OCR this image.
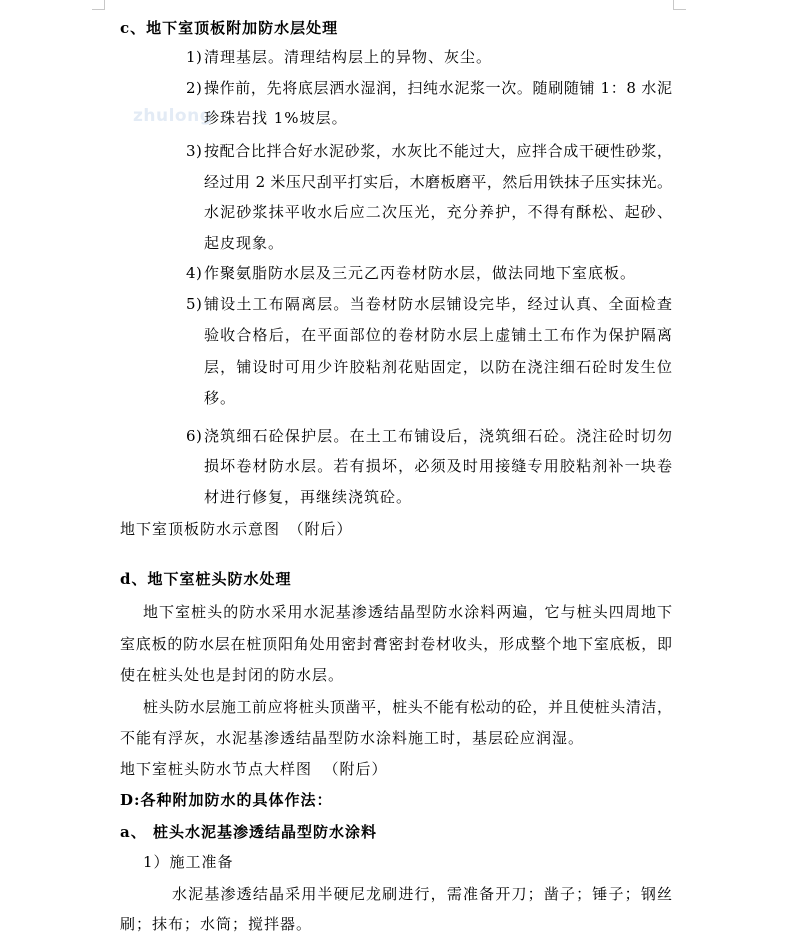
zhulong
c、地下室顶板附加防水层处理
1) 清理基层。清理结构层上的异物、灰尘。
2) 操作前，先将底层洒水湿润，扫纯水泥浆一次。随刷随铺 1：8 水泥
珍珠岩找 1%坡层。
3) 按配合比拌合好水泥砂浆，水灰比不能过大，应拌合成干硬性砂浆，
经过用 2 米压尺刮平打实后，木磨板磨平，然后用铁抹子压实抹光。
水泥砂浆抹平收水后应二次压光，充分养护，不得有酥松、起砂、
起皮现象。
4) 作聚氨脂防水层及三元乙丙卷材防水层，做法同地下室底板。
5) 铺设土工布隔离层。当卷材防水层铺设完毕，经过认真、全面检查
验收合格后，在平面部位的卷材防水层上虚铺土工布作为保护隔离
层，铺设时可用少许胶粘剂花贴固定，以防在浇注细石砼时发生位
移。
6) 浇筑细石砼保护层。在土工布铺设后，浇筑细石砼。浇注砼时切勿
损坏卷材防水层。若有损坏，必须及时用接缝专用胶粘剂补一块卷
材进行修复，再继续浇筑砼。
地下室顶板防水示意图　（附后）
d、地下室桩头防水处理
地下室桩头的防水采用水泥基渗透结晶型防水涂料两遍，它与桩头四周地下
室底板的防水层在桩顶阳角处用密封膏密封卷材收头，形成整个地下室底板，即
使在桩头处也是封闭的防水层。
桩头防水层施工前应将桩头顶凿平，桩头不能有松动的砼，并且使桩头清洁，
不能有浮灰，水泥基渗透结晶型防水涂料施工时，基层砼应润湿。
地下室桩头防水节点大样图  （附后）
D:各种附加防水的具体作法：
a、 桩头水泥基渗透结晶型防水涂料
1）施工准备
水泥基渗透结晶采用半硬尼龙刷进行，需准备开刀；凿子；锤子；钢丝
刷；抹布；水筒；搅拌器。
